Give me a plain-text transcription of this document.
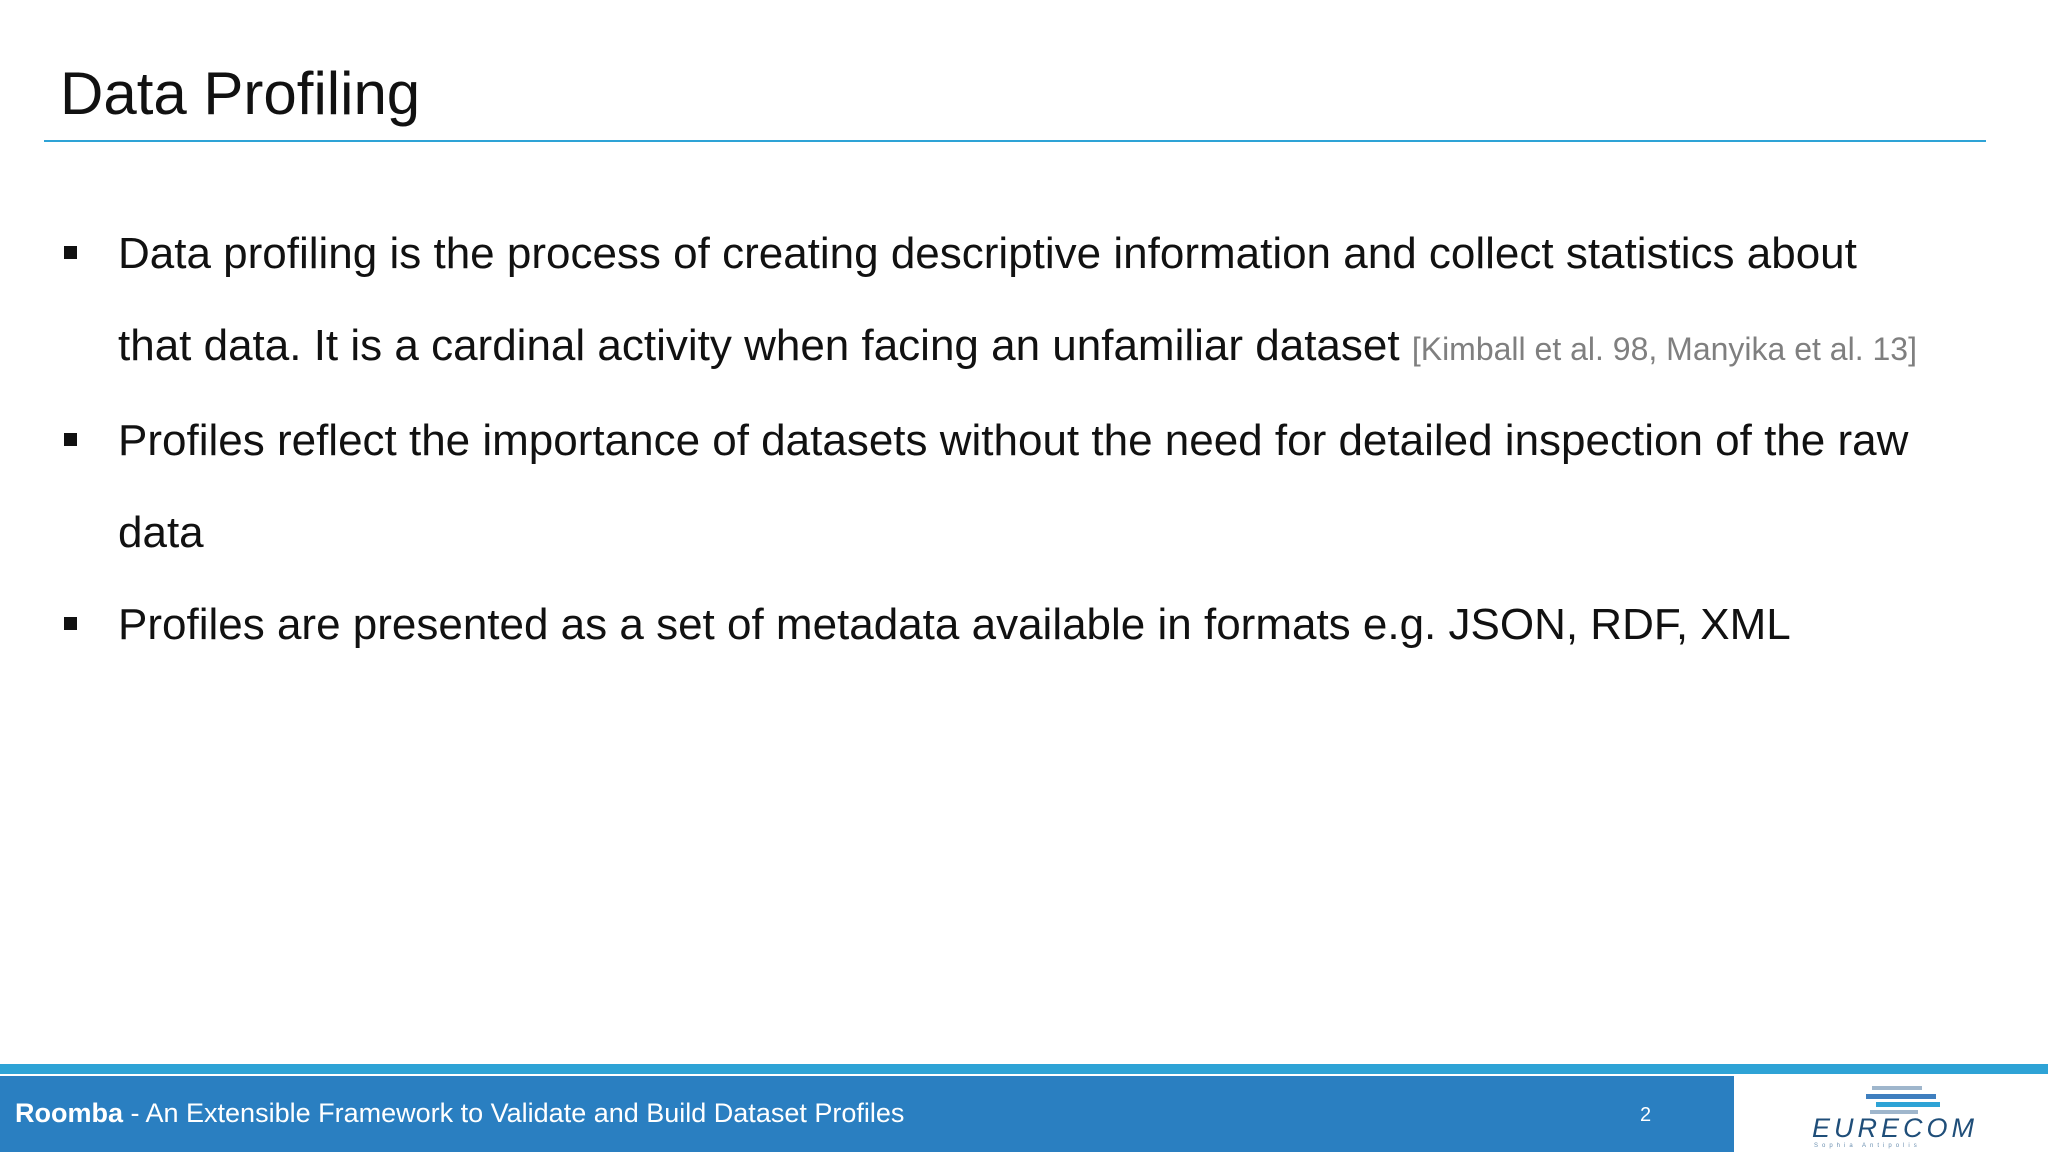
Data Profiling
Data profiling is the process of creating descriptive information and collect statistics about that data. It is a cardinal activity when facing an unfamiliar dataset [Kimball et al. 98, Manyika et al. 13]
Profiles reflect the importance of datasets without the need for detailed inspection of the raw data
Profiles are presented as a set of metadata available in formats e.g. JSON, RDF, XML
Roomba - An Extensible Framework to Validate and Build Dataset Profiles	2	EURECOM
Sophia Antipolis
